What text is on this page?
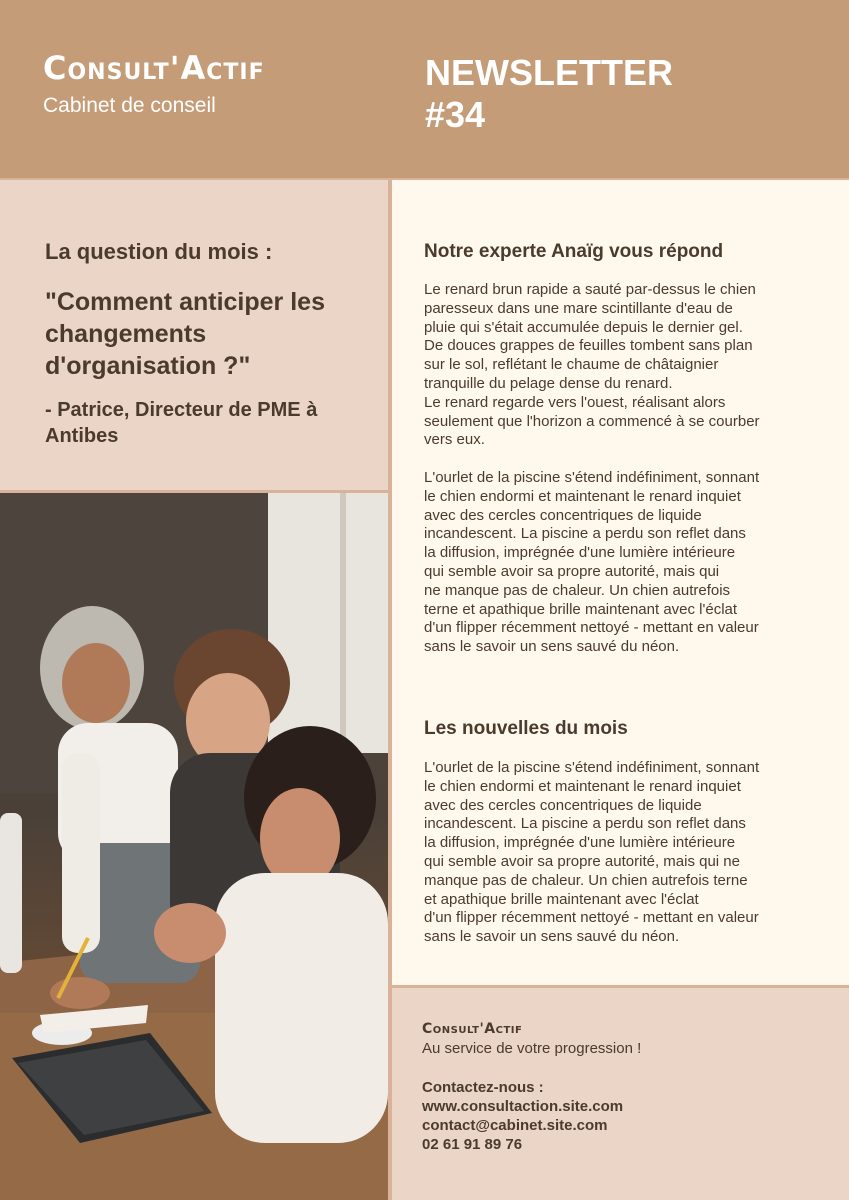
Consult'Actif
Cabinet de conseil
NEWSLETTER
#34
La question du mois :
"Comment anticiper les changements d'organisation ?"
- Patrice, Directeur de PME à Antibes
Notre experte Anaïg vous répond
Le renard brun rapide a sauté par-dessus le chien
paresseux dans une mare scintillante d'eau de
pluie qui s'était accumulée depuis le dernier gel.
De douces grappes de feuilles tombent sans plan
sur le sol, reflétant le chaume de châtaignier
tranquille du pelage dense du renard.
Le renard regarde vers l'ouest, réalisant alors
seulement que l'horizon a commencé à se courber
vers eux.

L'ourlet de la piscine s'étend indéfiniment, sonnant
le chien endormi et maintenant le renard inquiet
avec des cercles concentriques de liquide
incandescent. La piscine a perdu son reflet dans
la diffusion, imprégnée d'une lumière intérieure
qui semble avoir sa propre autorité, mais qui
ne manque pas de chaleur. Un chien autrefois
terne et apathique brille maintenant avec l'éclat
d'un flipper récemment nettoyé - mettant en valeur
sans le savoir un sens sauvé du néon.
Les nouvelles du mois
L'ourlet de la piscine s'étend indéfiniment, sonnant
le chien endormi et maintenant le renard inquiet
avec des cercles concentriques de liquide
incandescent. La piscine a perdu son reflet dans
la diffusion, imprégnée d'une lumière intérieure
qui semble avoir sa propre autorité, mais qui ne
manque pas de chaleur. Un chien autrefois terne
et apathique brille maintenant avec l'éclat
d'un flipper récemment nettoyé - mettant en valeur
sans le savoir un sens sauvé du néon.
Consult'Actif
Au service de votre progression !
Contactez-nous :
www.consultaction.site.com
contact@cabinet.site.com
02 61 91 89 76
